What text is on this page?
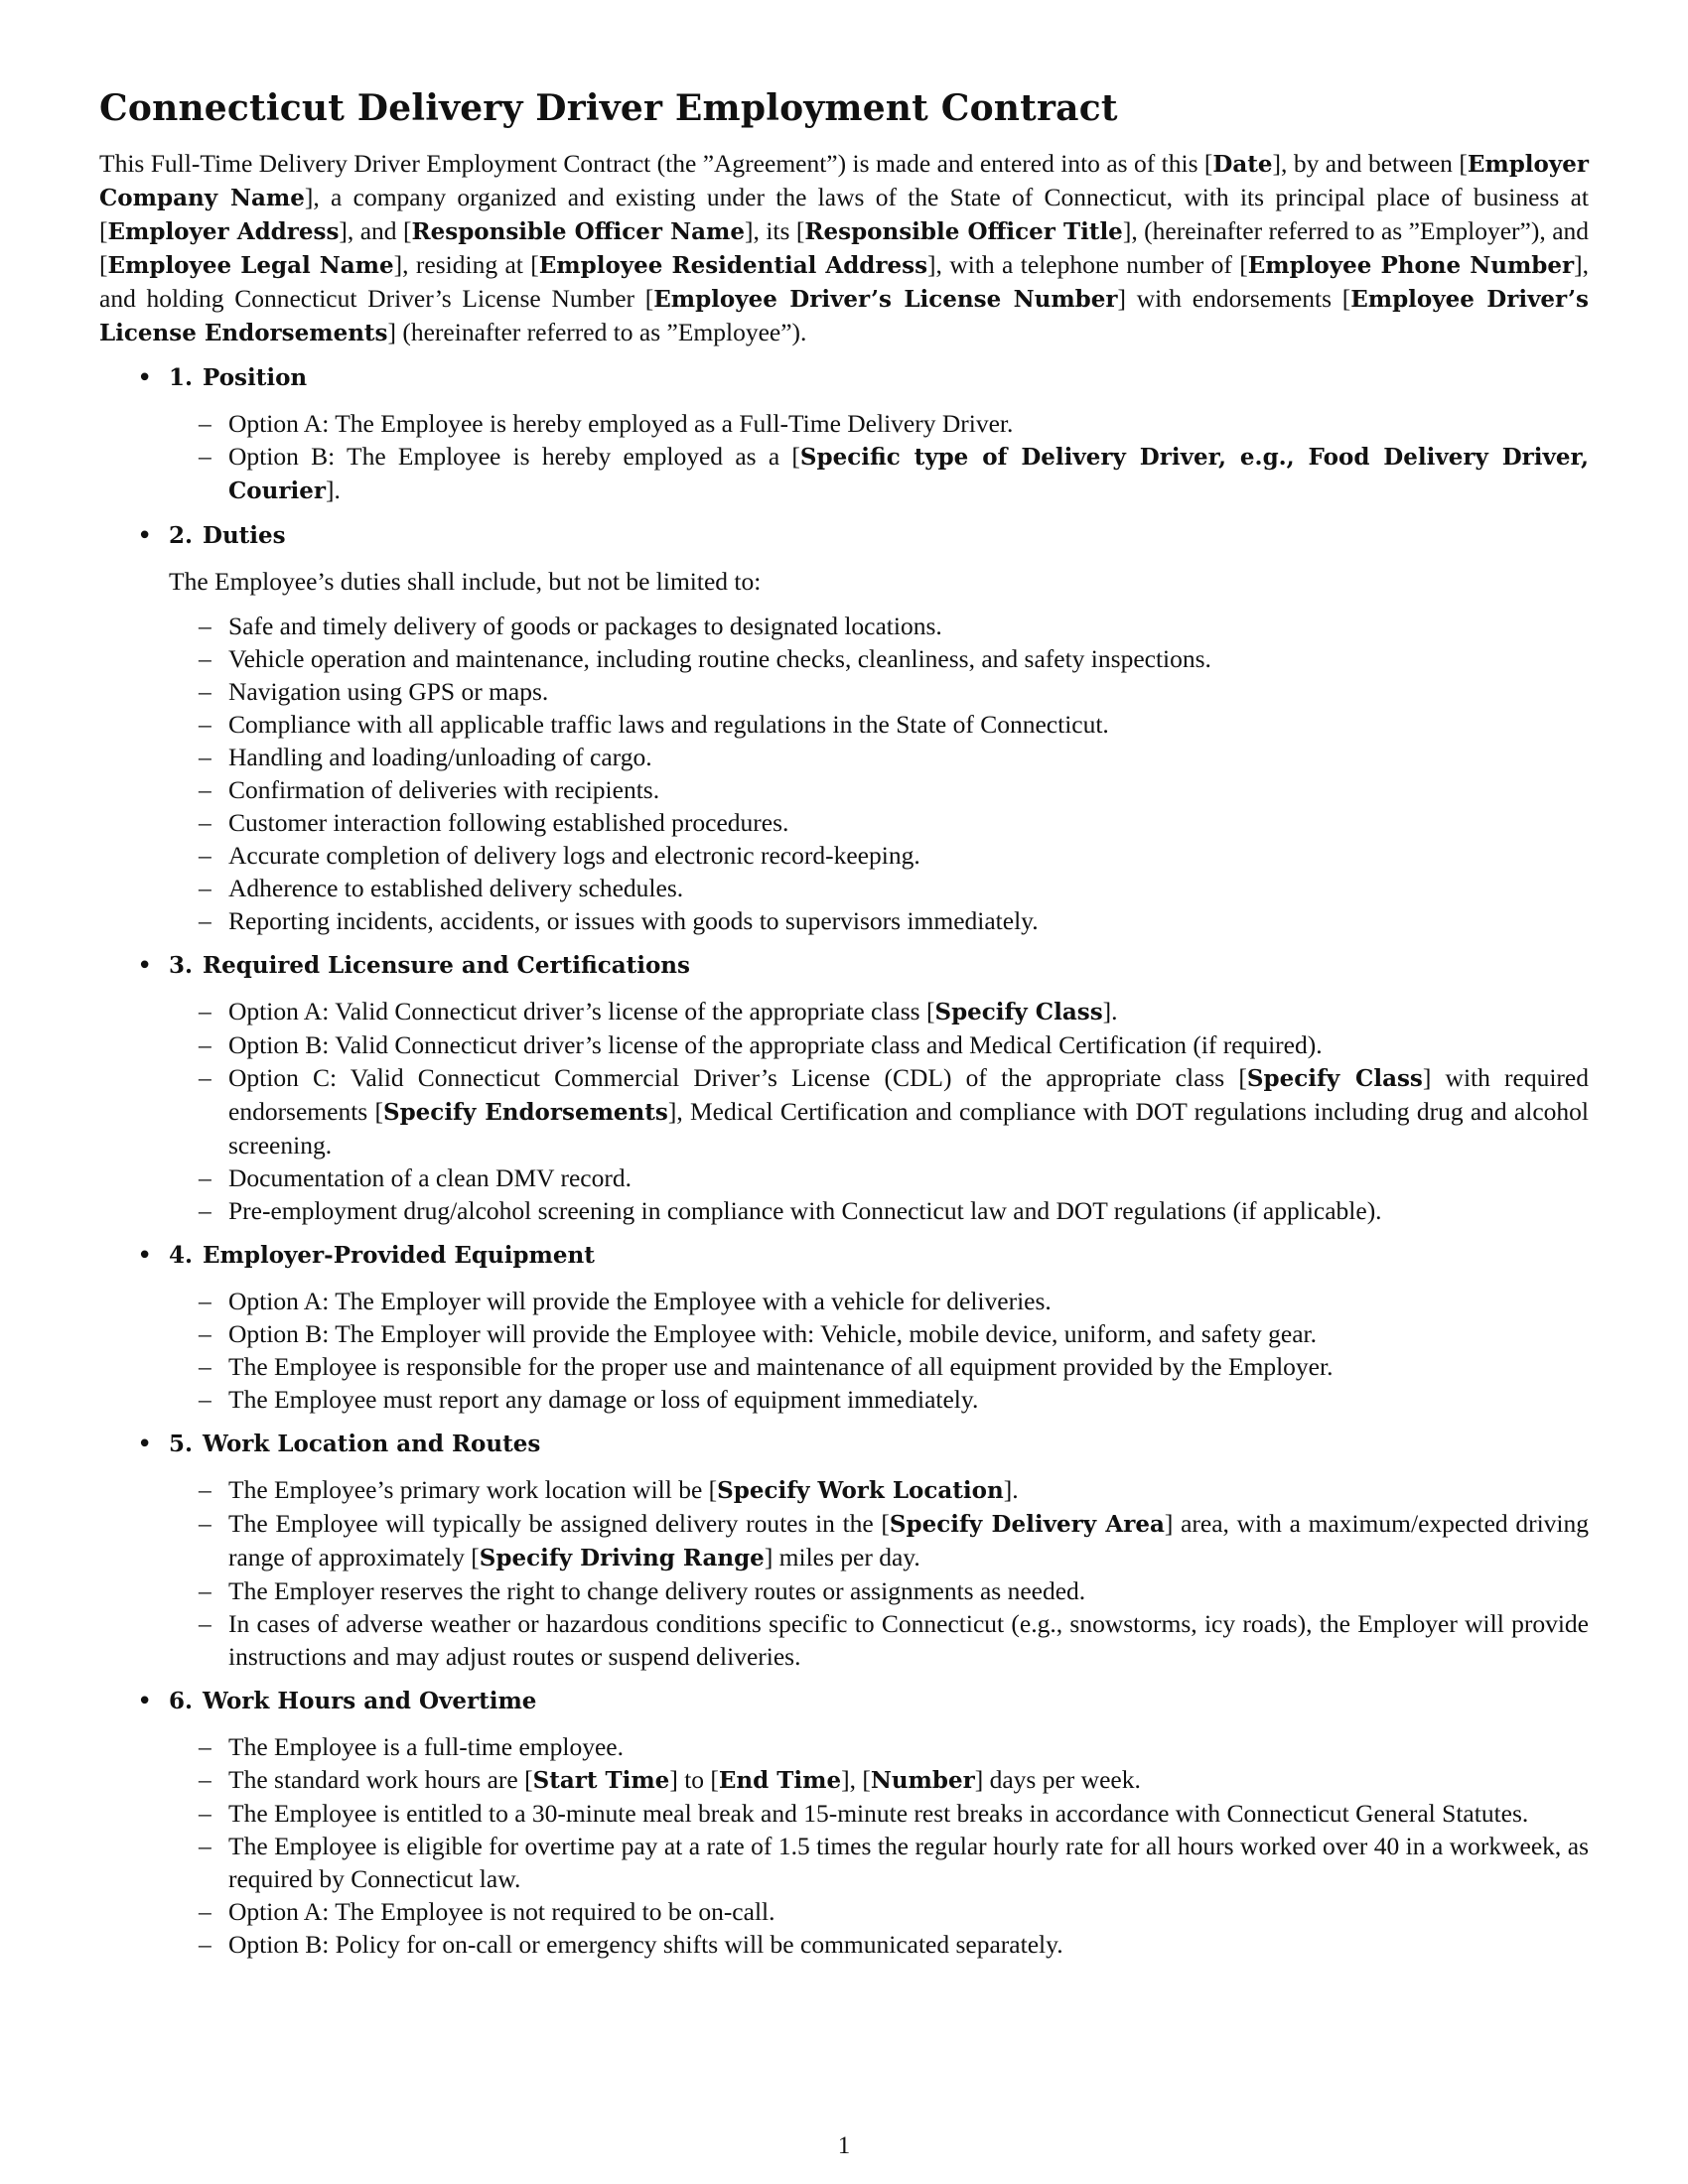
Connecticut Delivery Driver Employment Contract

This Full-Time Delivery Driver Employment Contract (the ”Agreement”) is made and entered into as of this [Date], by and between [Employer Company Name], a company organized and existing under the laws of the State of Connecticut, with its principal place of business at [Employer Address], and [Responsible Officer Name], its [Responsible Officer Title], (hereinafter referred to as ”Employer”), and [Employee Legal Name], residing at [Employee Residential Address], with a telephone number of [Employee Phone Number], and holding Connecticut Driver’s License Number [Employee Driver’s License Number] with endorsements [Employee Driver’s License Endorsements] (hereinafter referred to as ”Employee”).

• 1. Position
– Option A: The Employee is hereby employed as a Full-Time Delivery Driver.
– Option B: The Employee is hereby employed as a [Specific type of Delivery Driver, e.g., Food Delivery Driver, Courier].
• 2. Duties

The Employee’s duties shall include, but not be limited to:

– Safe and timely delivery of goods or packages to designated locations.
– Vehicle operation and maintenance, including routine checks, cleanliness, and safety inspections.
– Navigation using GPS or maps.
– Compliance with all applicable traffic laws and regulations in the State of Connecticut.
– Handling and loading/unloading of cargo.
– Confirmation of deliveries with recipients.
– Customer interaction following established procedures.
– Accurate completion of delivery logs and electronic record-keeping.
– Adherence to established delivery schedules.
– Reporting incidents, accidents, or issues with goods to supervisors immediately.
• 3. Required Licensure and Certifications
– Option A: Valid Connecticut driver’s license of the appropriate class [Specify Class].
– Option B: Valid Connecticut driver’s license of the appropriate class and Medical Certification (if required).
– Option C: Valid Connecticut Commercial Driver’s License (CDL) of the appropriate class [Specify Class] with required endorsements [Specify Endorsements], Medical Certification and compliance with DOT regulations including drug and alcohol screening.
– Documentation of a clean DMV record.
– Pre-employment drug/alcohol screening in compliance with Connecticut law and DOT regulations (if applicable).
• 4. Employer-Provided Equipment
– Option A: The Employer will provide the Employee with a vehicle for deliveries.
– Option B: The Employer will provide the Employee with: Vehicle, mobile device, uniform, and safety gear.
– The Employee is responsible for the proper use and maintenance of all equipment provided by the Employer.
– The Employee must report any damage or loss of equipment immediately.
• 5. Work Location and Routes
– The Employee’s primary work location will be [Specify Work Location].
– The Employee will typically be assigned delivery routes in the [Specify Delivery Area] area, with a maximum/expected driving range of approximately [Specify Driving Range] miles per day.
– The Employer reserves the right to change delivery routes or assignments as needed.
– In cases of adverse weather or hazardous conditions specific to Connecticut (e.g., snowstorms, icy roads), the Employer will provide instructions and may adjust routes or suspend deliveries.
• 6. Work Hours and Overtime
– The Employee is a full-time employee.
– The standard work hours are [Start Time] to [End Time], [Number] days per week.
– The Employee is entitled to a 30-minute meal break and 15-minute rest breaks in accordance with Connecticut General Statutes.
– The Employee is eligible for overtime pay at a rate of 1.5 times the regular hourly rate for all hours worked over 40 in a workweek, as required by Connecticut law.
– Option A: The Employee is not required to be on-call.
– Option B: Policy for on-call or emergency shifts will be communicated separately.
1
